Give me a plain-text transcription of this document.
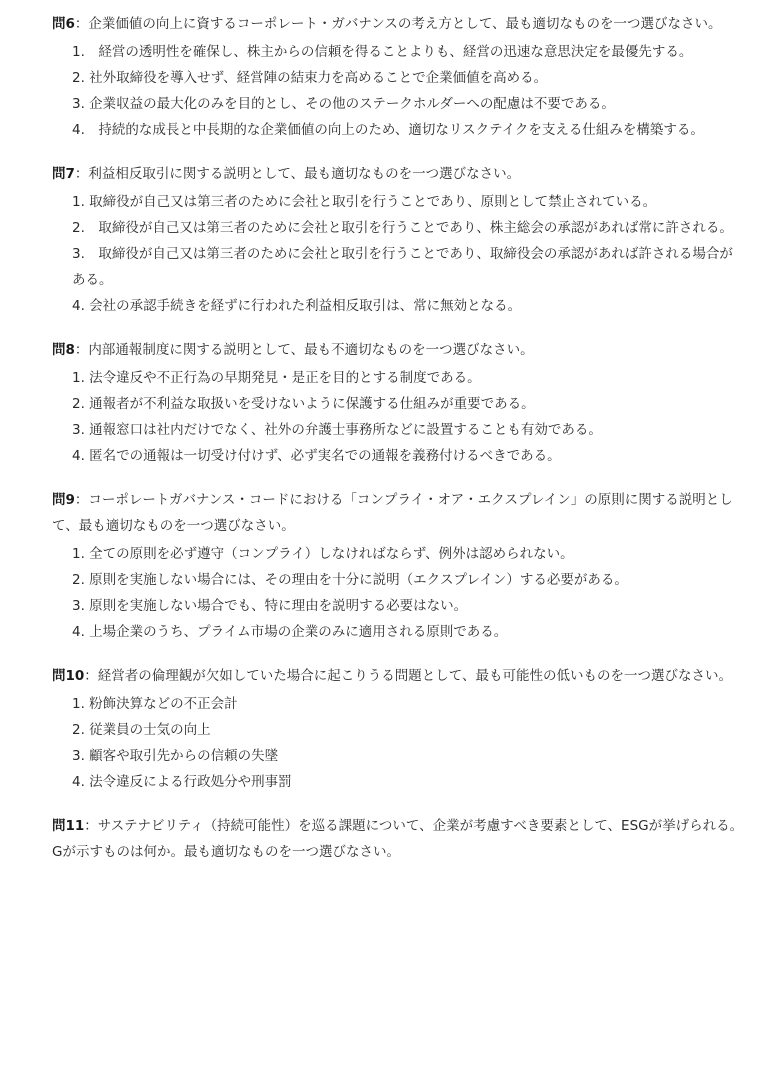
問6：企業価値の向上に資するコーポレート・ガバナンスの考え方として、最も適切なものを一つ選びなさい。

1.　経営の透明性を確保し、株主からの信頼を得ることよりも、経営の迅速な意思決定を最優先する。
2. 社外取締役を導入せず、経営陣の結束力を高めることで企業価値を高める。
3. 企業収益の最大化のみを目的とし、その他のステークホルダーへの配慮は不要である。
4.　持続的な成長と中長期的な企業価値の向上のため、適切なリスクテイクを支える仕組みを構築する。

問7：利益相反取引に関する説明として、最も適切なものを一つ選びなさい。

1. 取締役が自己又は第三者のために会社と取引を行うことであり、原則として禁止されている。
2.　取締役が自己又は第三者のために会社と取引を行うことであり、株主総会の承認があれば常に許される。
3.　取締役が自己又は第三者のために会社と取引を行うことであり、取締役会の承認があれば許される場合がある。
4. 会社の承認手続きを経ずに行われた利益相反取引は、常に無効となる。

問8：内部通報制度に関する説明として、最も不適切なものを一つ選びなさい。

1. 法令違反や不正行為の早期発見・是正を目的とする制度である。
2. 通報者が不利益な取扱いを受けないように保護する仕組みが重要である。
3. 通報窓口は社内だけでなく、社外の弁護士事務所などに設置することも有効である。
4. 匿名での通報は一切受け付けず、必ず実名での通報を義務付けるべきである。

問9：コーポレートガバナンス・コードにおける「コンプライ・オア・エクスプレイン」の原則に関する説明として、最も適切なものを一つ選びなさい。

1. 全ての原則を必ず遵守（コンプライ）しなければならず、例外は認められない。
2. 原則を実施しない場合には、その理由を十分に説明（エクスプレイン）する必要がある。
3. 原則を実施しない場合でも、特に理由を説明する必要はない。
4. 上場企業のうち、プライム市場の企業のみに適用される原則である。

問10：経営者の倫理観が欠如していた場合に起こりうる問題として、最も可能性の低いものを一つ選びなさい。

1. 粉飾決算などの不正会計
2. 従業員の士気の向上
3. 顧客や取引先からの信頼の失墜
4. 法令違反による行政処分や刑事罰

問11：サステナビリティ（持続可能性）を巡る課題について、企業が考慮すべき要素として、ESGが挙げられる。Gが示すものは何か。最も適切なものを一つ選びなさい。
